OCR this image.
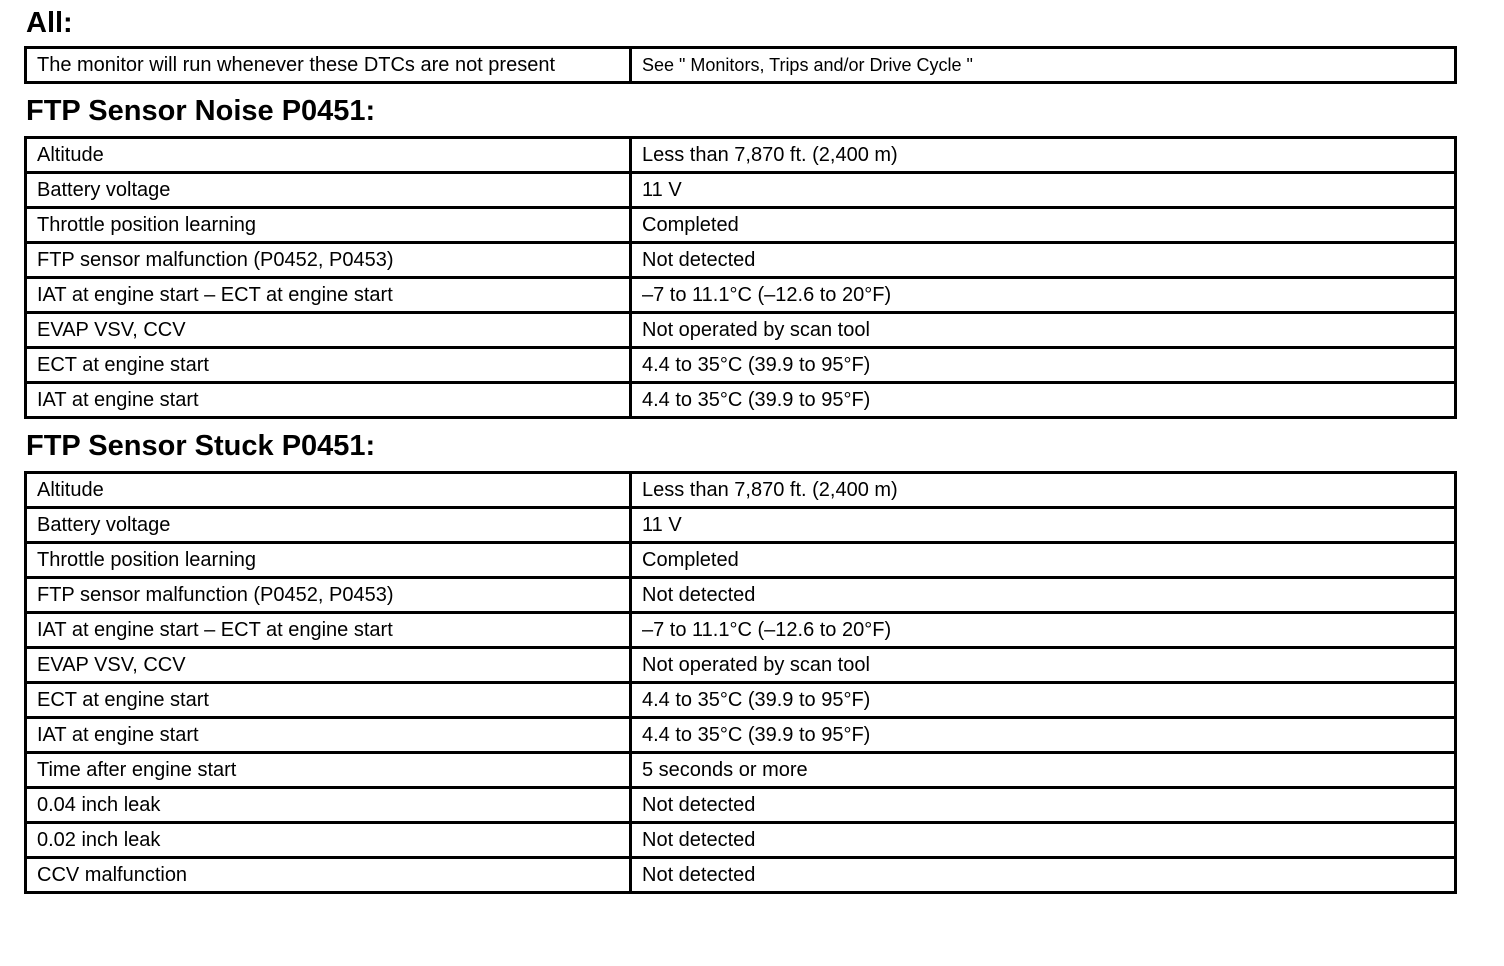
All:
The monitor will run whenever these DTCs are not present	See " Monitors, Trips and/or Drive Cycle "
FTP Sensor Noise P0451:
Altitude	Less than 7,870 ft. (2,400 m)
Battery voltage	11 V
Throttle position learning	Completed
FTP sensor malfunction (P0452, P0453)	Not detected
IAT at engine start – ECT at engine start	–7 to 11.1°C (–12.6 to 20°F)
EVAP VSV, CCV	Not operated by scan tool
ECT at engine start	4.4 to 35°C (39.9 to 95°F)
IAT at engine start	4.4 to 35°C (39.9 to 95°F)
FTP Sensor Stuck P0451:
Altitude	Less than 7,870 ft. (2,400 m)
Battery voltage	11 V
Throttle position learning	Completed
FTP sensor malfunction (P0452, P0453)	Not detected
IAT at engine start – ECT at engine start	–7 to 11.1°C (–12.6 to 20°F)
EVAP VSV, CCV	Not operated by scan tool
ECT at engine start	4.4 to 35°C (39.9 to 95°F)
IAT at engine start	4.4 to 35°C (39.9 to 95°F)
Time after engine start	5 seconds or more
0.04 inch leak	Not detected
0.02 inch leak	Not detected
CCV malfunction	Not detected
